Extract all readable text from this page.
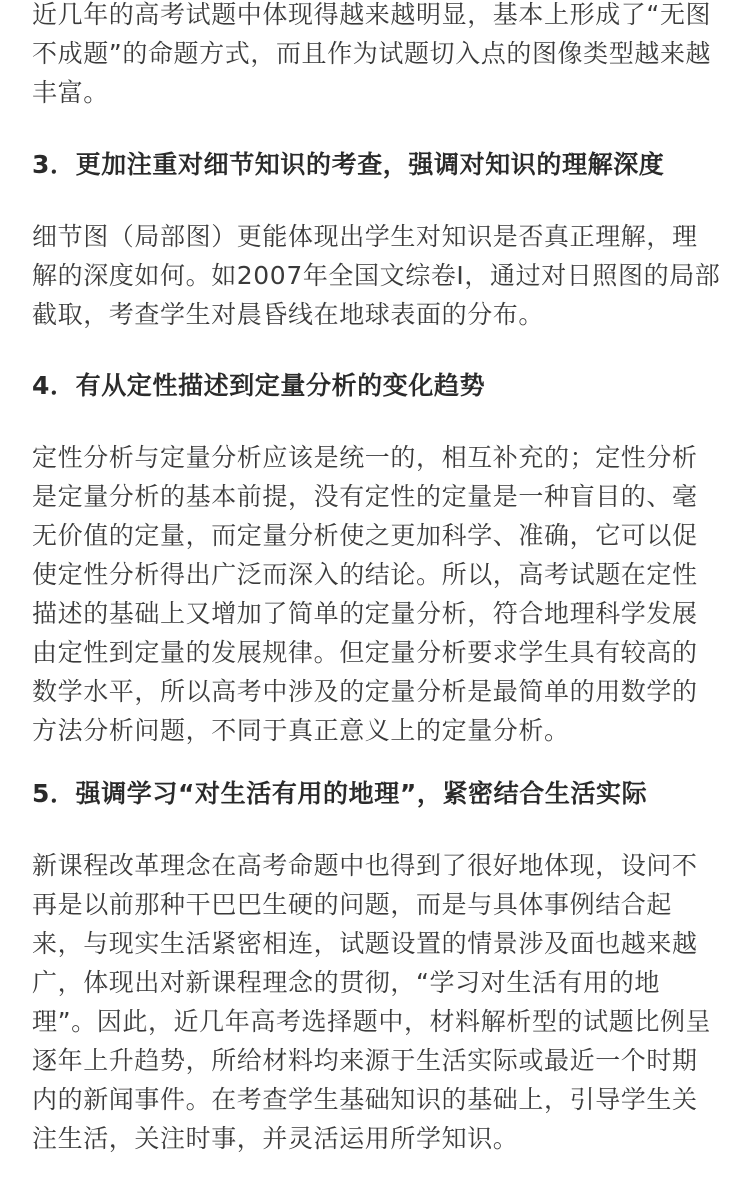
近几年的高考试题中体现得越来越明显，基本上形成了“无图不成题”的命题方式，而且作为试题切入点的图像类型越来越丰富。

3．更加注重对细节知识的考查，强调对知识的理解深度

细节图（局部图）更能体现出学生对知识是否真正理解，理解的深度如何。如2007年全国文综卷Ⅰ，通过对日照图的局部截取，考查学生对晨昏线在地球表面的分布。

4．有从定性描述到定量分析的变化趋势

定性分析与定量分析应该是统一的，相互补充的；定性分析是定量分析的基本前提，没有定性的定量是一种盲目的、毫无价值的定量，而定量分析使之更加科学、准确，它可以促使定性分析得出广泛而深入的结论。所以，高考试题在定性描述的基础上又增加了简单的定量分析，符合地理科学发展由定性到定量的发展规律。但定量分析要求学生具有较高的数学水平，所以高考中涉及的定量分析是最简单的用数学的方法分析问题，不同于真正意义上的定量分析。

5．强调学习“对生活有用的地理”，紧密结合生活实际

新课程改革理念在高考命题中也得到了很好地体现，设问不再是以前那种干巴巴生硬的问题，而是与具体事例结合起来，与现实生活紧密相连，试题设置的情景涉及面也越来越广，体现出对新课程理念的贯彻，“学习对生活有用的地理”。因此，近几年高考选择题中，材料解析型的试题比例呈逐年上升趋势，所给材料均来源于生活实际或最近一个时期内的新闻事件。在考查学生基础知识的基础上，引导学生关注生活，关注时事，并灵活运用所学知识。
